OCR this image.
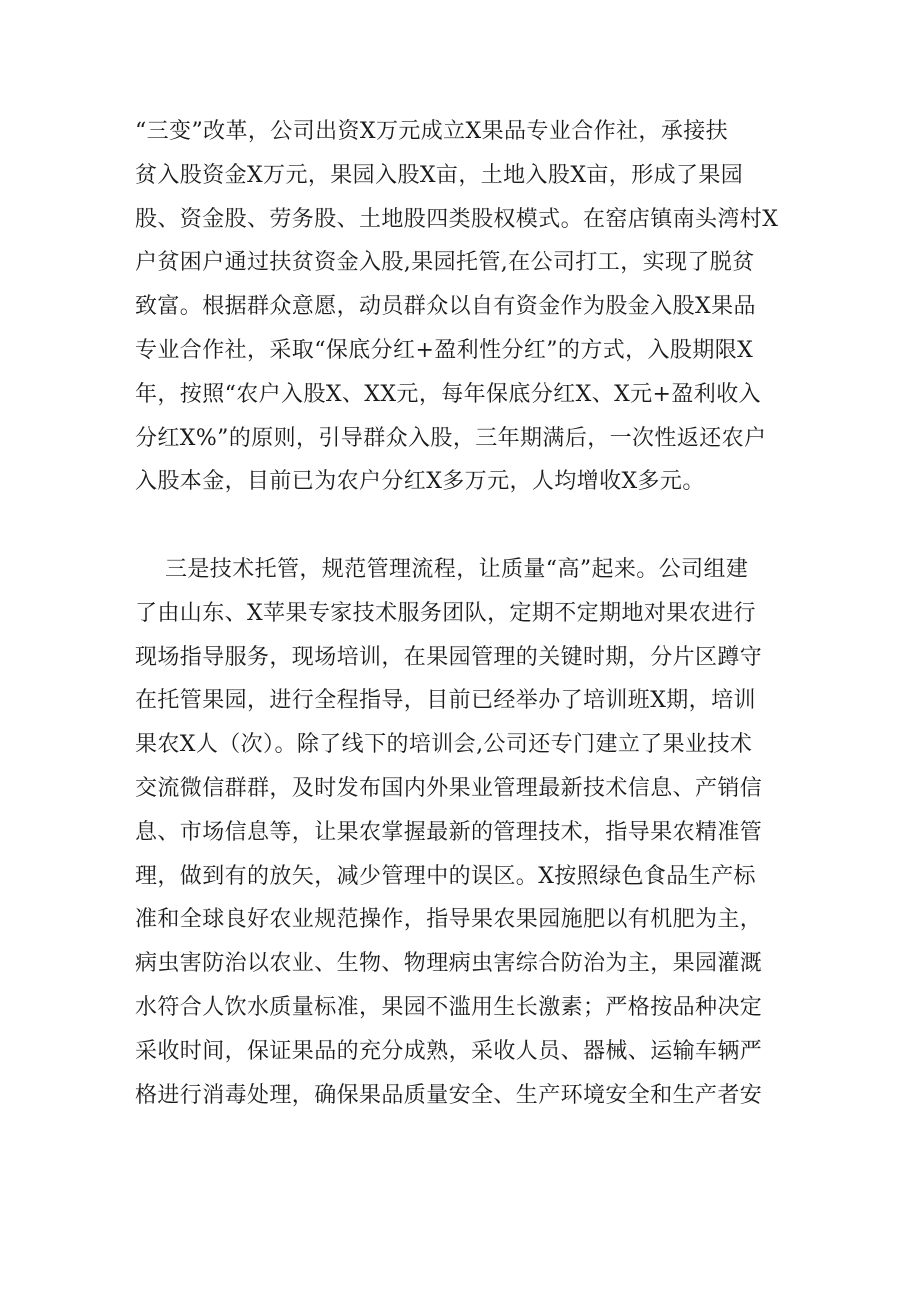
“三变”改革，公司出资X万元成立X果品专业合作社，承接扶
贫入股资金X万元，果园入股X亩，土地入股X亩，形成了果园
股、资金股、劳务股、土地股四类股权模式。在窑店镇南头湾村X
户贫困户通过扶贫资金入股,果园托管,在公司打工，实现了脱贫
致富。根据群众意愿，动员群众以自有资金作为股金入股X果品
专业合作社，采取“保底分红+盈利性分红”的方式，入股期限X
年，按照“农户入股X、XX元，每年保底分红X、X元+盈利收入
分红X%”的原则，引导群众入股，三年期满后，一次性返还农户
入股本金，目前已为农户分红X多万元，人均增收X多元。
三是技术托管，规范管理流程，让质量“高”起来。公司组建
了由山东、X苹果专家技术服务团队，定期不定期地对果农进行
现场指导服务，现场培训，在果园管理的关键时期，分片区蹲守
在托管果园，进行全程指导，目前已经举办了培训班X期，培训
果农X人（次）。除了线下的培训会,公司还专门建立了果业技术
交流微信群群，及时发布国内外果业管理最新技术信息、产销信
息、市场信息等，让果农掌握最新的管理技术，指导果农精准管
理，做到有的放矢，减少管理中的误区。X按照绿色食品生产标
准和全球良好农业规范操作，指导果农果园施肥以有机肥为主，
病虫害防治以农业、生物、物理病虫害综合防治为主，果园灌溉
水符合人饮水质量标准，果园不滥用生长激素；严格按品种决定
采收时间，保证果品的充分成熟，采收人员、器械、运输车辆严
格进行消毒处理，确保果品质量安全、生产环境安全和生产者安
